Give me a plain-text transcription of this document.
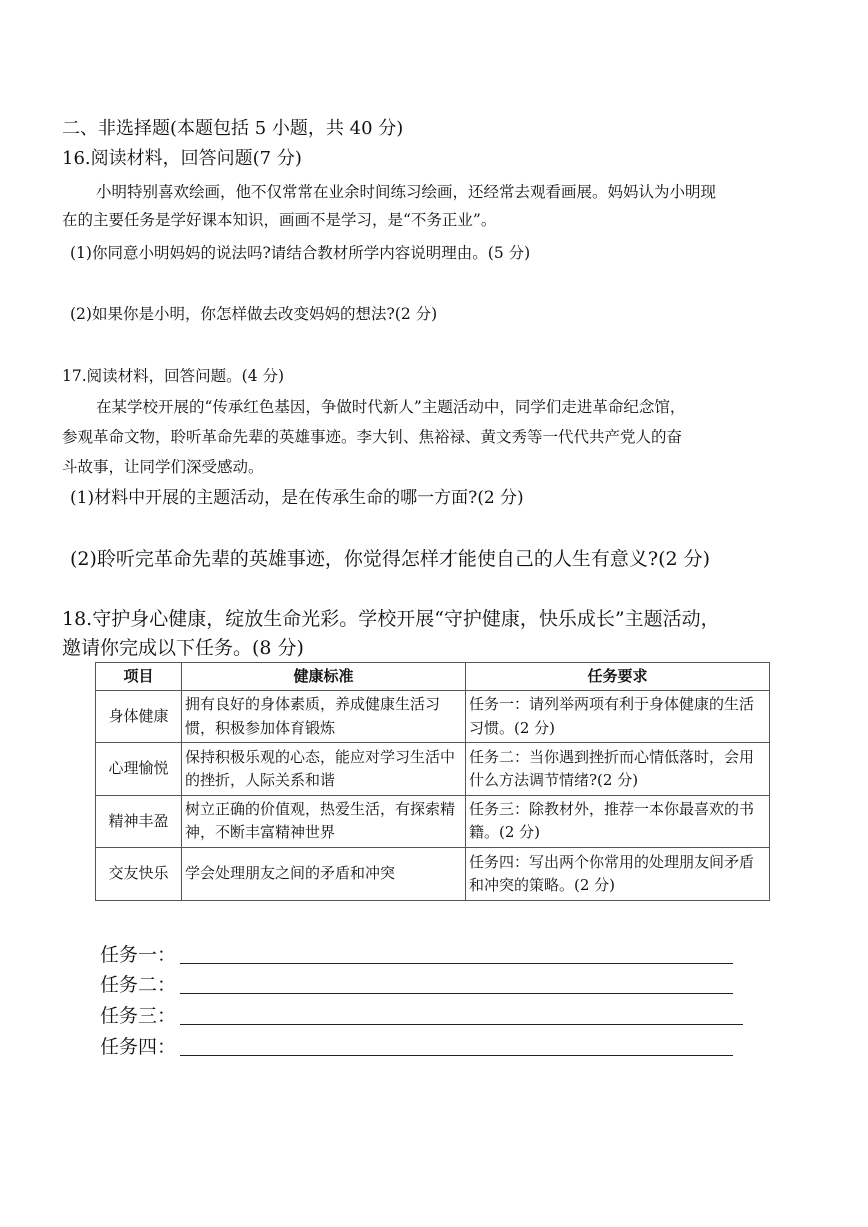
二、非选择题(本题包括 5 小题，共 40 分)
16.阅读材料，回答问题(7 分)
小明特别喜欢绘画，他不仅常常在业余时间练习绘画，还经常去观看画展。妈妈认为小明现
在的主要任务是学好课本知识，画画不是学习，是“不务正业”。
(1)你同意小明妈妈的说法吗?请结合教材所学内容说明理由。(5 分)
(2)如果你是小明，你怎样做去改变妈妈的想法?(2 分)
17.阅读材料，回答问题。(4 分)
在某学校开展的“传承红色基因，争做时代新人”主题活动中，同学们走进革命纪念馆，
参观革命文物，聆听革命先辈的英雄事迹。李大钊、焦裕禄、黄文秀等一代代共产党人的奋
斗故事，让同学们深受感动。
(1)材料中开展的主题活动，是在传承生命的哪一方面?(2 分)
(2)聆听完革命先辈的英雄事迹，你觉得怎样才能使自己的人生有意义?(2 分)
18.守护身心健康，绽放生命光彩。学校开展“守护健康，快乐成长”主题活动，
邀请你完成以下任务。(8 分)
项目	健康标准	任务要求
身体健康	拥有良好的身体素质，养成健康生活习惯，积极参加体育锻炼	任务一：请列举两项有利于身体健康的生活习惯。(2 分)
心理愉悦	保持积极乐观的心态，能应对学习生活中的挫折，人际关系和谐	任务二：当你遇到挫折而心情低落时，会用什么方法调节情绪?(2 分)
精神丰盈	树立正确的价值观，热爱生活，有探索精神，不断丰富精神世界	任务三：除教材外，推荐一本你最喜欢的书籍。(2 分)
交友快乐	学会处理朋友之间的矛盾和冲突	任务四：写出两个你常用的处理朋友间矛盾和冲突的策略。(2 分)
任务一：
任务二：
任务三：
任务四：
